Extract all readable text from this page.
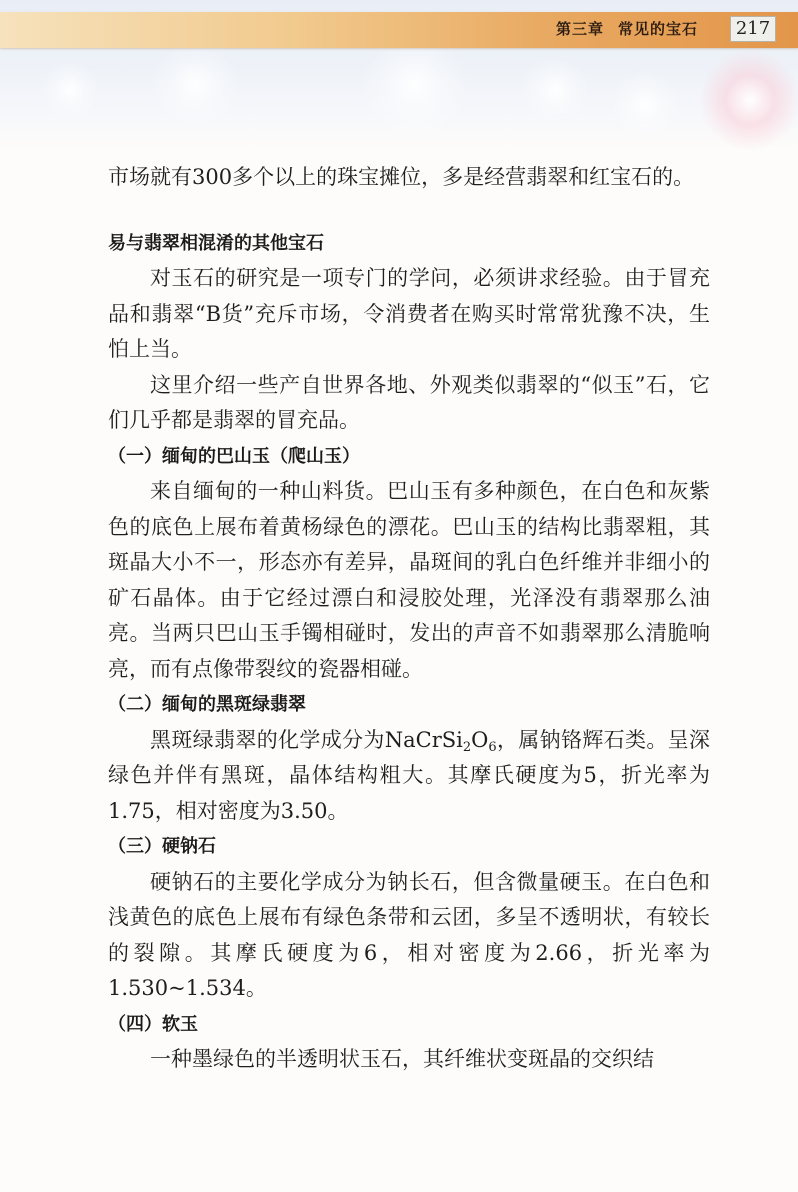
第三章 常见的宝石	217

市场就有300多个以上的珠宝摊位，多是经营翡翠和红宝石的。

易与翡翠相混淆的其他宝石

对玉石的研究是一项专门的学问，必须讲求经验。由于冒充品和翡翠“B货”充斥市场，令消费者在购买时常常犹豫不决，生怕上当。

这里介绍一些产自世界各地、外观类似翡翠的“似玉”石，它们几乎都是翡翠的冒充品。

（一）缅甸的巴山玉（爬山玉）

来自缅甸的一种山料货。巴山玉有多种颜色，在白色和灰紫色的底色上展布着黄杨绿色的漂花。巴山玉的结构比翡翠粗，其斑晶大小不一，形态亦有差异，晶斑间的乳白色纤维并非细小的矿石晶体。由于它经过漂白和浸胶处理，光泽没有翡翠那么油亮。当两只巴山玉手镯相碰时，发出的声音不如翡翠那么清脆响亮，而有点像带裂纹的瓷器相碰。

（二）缅甸的黑斑绿翡翠

黑斑绿翡翠的化学成分为$NaCrSi_2O_6$，属钠铬辉石类。呈深绿色并伴有黑斑，晶体结构粗大。其摩氏硬度为5，折光率为1.75，相对密度为3.50。

（三）硬钠石

硬钠石的主要化学成分为钠长石，但含微量硬玉。在白色和浅黄色的底色上展布有绿色条带和云团，多呈不透明状，有较长的裂隙。其摩氏硬度为6，相对密度为2.66，折光率为1.530~1.534。

（四）软玉

一种墨绿色的半透明状玉石，其纤维状变斑晶的交织结
